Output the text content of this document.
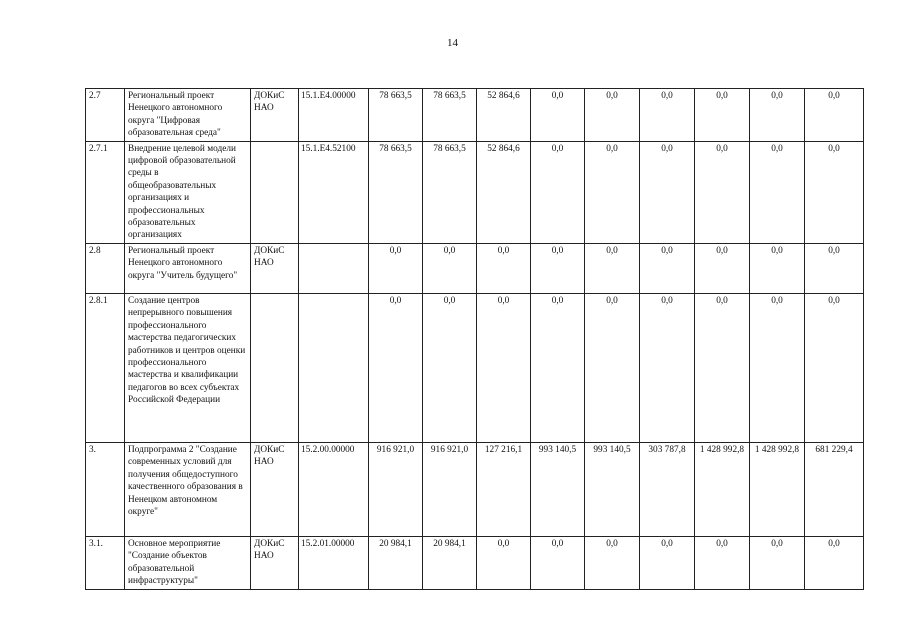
14
2.7	Региональный проект Ненецкого автономного округа "Цифровая образовательная среда"	ДОКиС НАО	15.1.Е4.00000	78 663,5	78 663,5	52 864,6	0,0	0,0	0,0	0,0	0,0	0,0
2.7.1	Внедрение целевой модели цифровой образовательной среды в общеобразовательных организациях и профессиональных образовательных организациях		15.1.Е4.52100	78 663,5	78 663,5	52 864,6	0,0	0,0	0,0	0,0	0,0	0,0
2.8	Региональный проект Ненецкого автономного округа "Учитель будущего"	ДОКиС НАО		0,0	0,0	0,0	0,0	0,0	0,0	0,0	0,0	0,0
2.8.1	Создание центров непрерывного повышения профессионального мастерства педагогических работников и центров оценки профессионального мастерства и квалификации педагогов во всех субъектах Российской Федерации			0,0	0,0	0,0	0,0	0,0	0,0	0,0	0,0	0,0
3.	Подпрограмма 2 "Создание современных условий для получения общедоступного качественного образования в Ненецком автономном округе"	ДОКиС НАО	15.2.00.00000	916 921,0	916 921,0	127 216,1	993 140,5	993 140,5	303 787,8	1 428 992,8	1 428 992,8	681 229,4
3.1.	Основное мероприятие "Создание объектов образовательной инфраструктуры"	ДОКиС НАО	15.2.01.00000	20 984,1	20 984,1	0,0	0,0	0,0	0,0	0,0	0,0	0,0
